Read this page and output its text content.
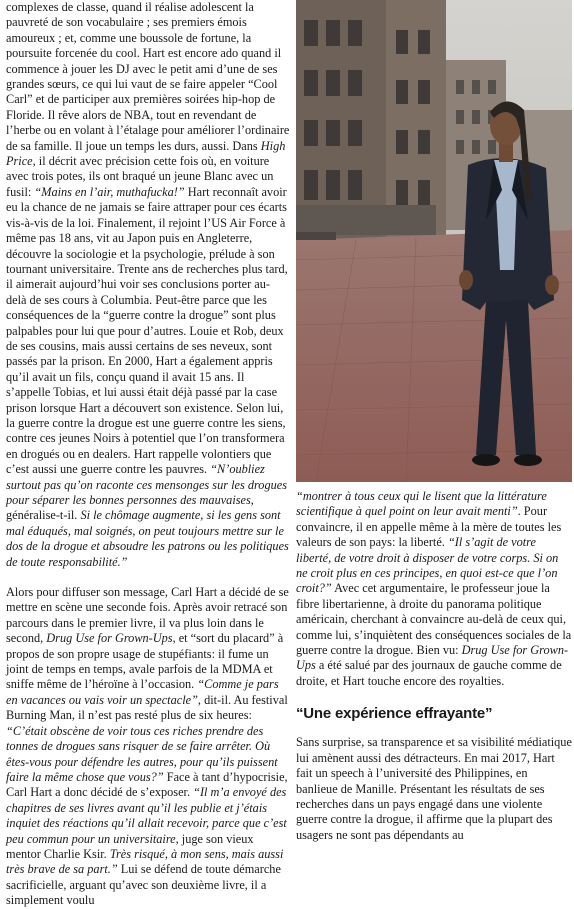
complexes de classe, quand il réalise adolescent la pauvreté de son vocabulaire ; ses premiers émois amoureux ; et, comme une boussole de fortune, la poursuite forcenée du cool. Hart est encore ado quand il commence à jouer les DJ avec le petit ami d’une de ses grandes sœurs, ce qui lui vaut de se faire appeler “Cool Carl” et de participer aux premières soirées hip-hop de Floride. Il rêve alors de NBA, tout en revendant de l’herbe ou en volant à l’étalage pour améliorer l’ordinaire de sa famille. Il joue un temps les durs, aussi. Dans High Price, il décrit avec précision cette fois où, en voiture avec trois potes, ils ont braqué un jeune Blanc avec un fusil: “Mains en l’air, muthafucka!” Hart reconnaît avoir eu la chance de ne jamais se faire attraper pour ces écarts vis-à-vis de la loi. Finalement, il rejoint l’US Air Force à même pas 18 ans, vit au Japon puis en Angleterre, découvre la sociologie et la psychologie, prélude à son tournant universitaire. Trente ans de recherches plus tard, il aimerait aujourd’hui voir ses conclusions porter au-delà de ses cours à Columbia. Peut-être parce que les conséquences de la “guerre contre la drogue” sont plus palpables pour lui que pour d’autres. Louie et Rob, deux de ses cousins, mais aussi certains de ses neveux, sont passés par la prison. En 2000, Hart a également appris qu’il avait un fils, conçu quand il avait 15 ans. Il s’appelle Tobias, et lui aussi était déjà passé par la case prison lorsque Hart a découvert son existence. Selon lui, la guerre contre la drogue est une guerre contre les siens, contre ces jeunes Noirs à potentiel que l’on transformera en drogués ou en dealers. Hart rappelle volontiers que c’est aussi une guerre contre les pauvres. “N’oubliez surtout pas qu’on raconte ces mensonges sur les drogues pour séparer les bonnes personnes des mauvaises, généralise-t-il. Si le chômage augmente, si les gens sont mal éduqués, mal soignés, on peut toujours mettre sur le dos de la drogue et absoudre les patrons ou les politiques de toute responsabilité.”

Alors pour diffuser son message, Carl Hart a décidé de se mettre en scène une seconde fois. Après avoir retracé son parcours dans le premier livre, il va plus loin dans le second, Drug Use for Grown-Ups, et “sort du placard” à propos de son propre usage de stupéfiants: il fume un joint de temps en temps, avale parfois de la MDMA et sniffe même de l’héroïne à l’occasion. “Comme je pars en vacances ou vais voir un spectacle”, dit-il. Au festival Burning Man, il n’est pas resté plus de six heures: “C’était obscène de voir tous ces riches prendre des tonnes de drogues sans risquer de se faire arrêter. Où êtes-vous pour défendre les autres, pour qu’ils puissent faire la même chose que vous?” Face à tant d’hypocrisie, Carl Hart a donc décidé de s’exposer. “Il m’a envoyé des chapitres de ses livres avant qu’il les publie et j’étais inquiet des réactions qu’il allait recevoir, parce que c’est peu commun pour un universitaire, juge son vieux mentor Charlie Ksir. Très risqué, à mon sens, mais aussi très brave de sa part.” Lui se défend de toute démarche sacrificielle, arguant qu’avec son deuxième livre, il a simplement voulu

“montrer à tous ceux qui le lisent que la littérature scientifique à quel point on leur avait menti”. Pour convaincre, il en appelle même à la mère de toutes les valeurs de son pays: la liberté. “Il s’agit de votre liberté, de votre droit à disposer de votre corps. Si on ne croit plus en ces principes, en quoi est-ce que l’on croit?” Avec cet argumentaire, le professeur joue la fibre libertarienne, à droite du panorama politique américain, cherchant à convaincre au-delà de ceux qui, comme lui, s’inquiètent des conséquences sociales de la guerre contre la drogue. Bien vu: Drug Use for Grown-Ups a été salué par des journaux de gauche comme de droite, et Hart touche encore des royalties.

“Une expérience effrayante”

Sans surprise, sa transparence et sa visibilité médiatique lui amènent aussi des détracteurs. En mai 2017, Hart fait un speech à l’université des Philippines, en banlieue de Manille. Présentant les résultats de ses recherches dans un pays engagé dans une violente guerre contre la drogue, il affirme que la plupart des usagers ne sont pas dépendants au
